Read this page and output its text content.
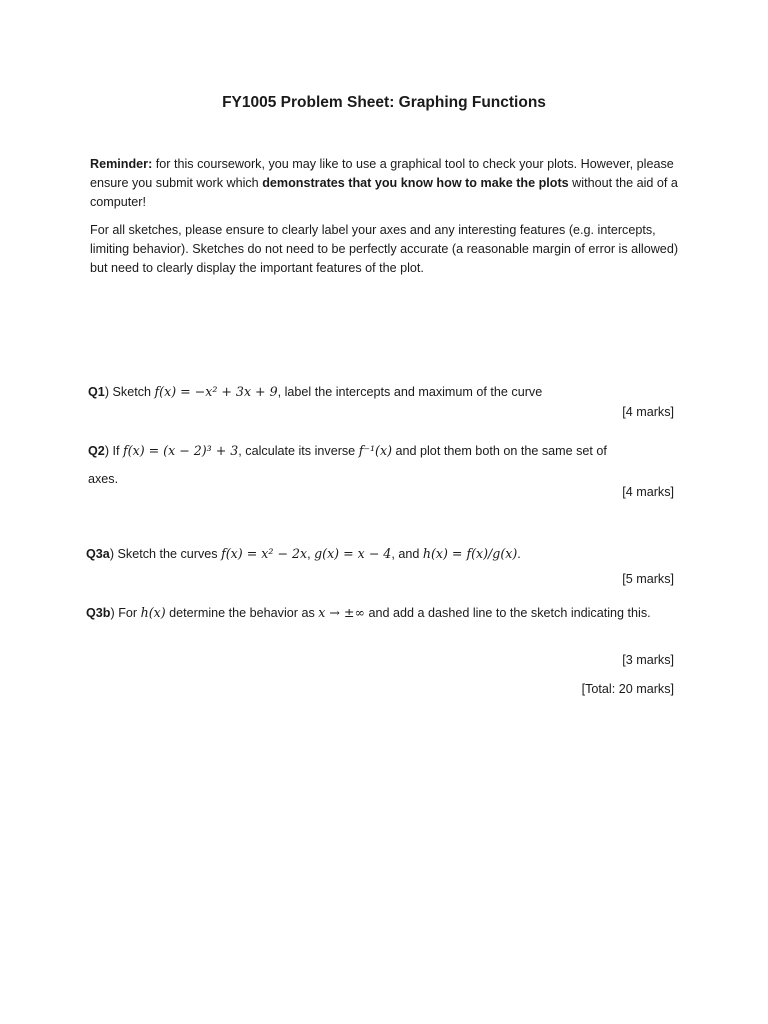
FY1005 Problem Sheet: Graphing Functions
Reminder: for this coursework, you may like to use a graphical tool to check your plots. However, please ensure you submit work which demonstrates that you know how to make the plots without the aid of a computer!
For all sketches, please ensure to clearly label your axes and any interesting features (e.g. intercepts, limiting behavior). Sketches do not need to be perfectly accurate (a reasonable margin of error is allowed) but need to clearly display the important features of the plot.
Q1) Sketch f(x) = −x² + 3x + 9, label the intercepts and maximum of the curve
[4 marks]
Q2) If f(x) = (x − 2)³ + 3, calculate its inverse f⁻¹(x) and plot them both on the same set of
axes.
[4 marks]
Q3a) Sketch the curves f(x) = x² − 2x, g(x) = x − 4, and h(x) = f(x)/g(x).
[5 marks]
Q3b) For h(x) determine the behavior as x → ±∞ and add a dashed line to the sketch indicating this.
[3 marks]
[Total: 20 marks]
